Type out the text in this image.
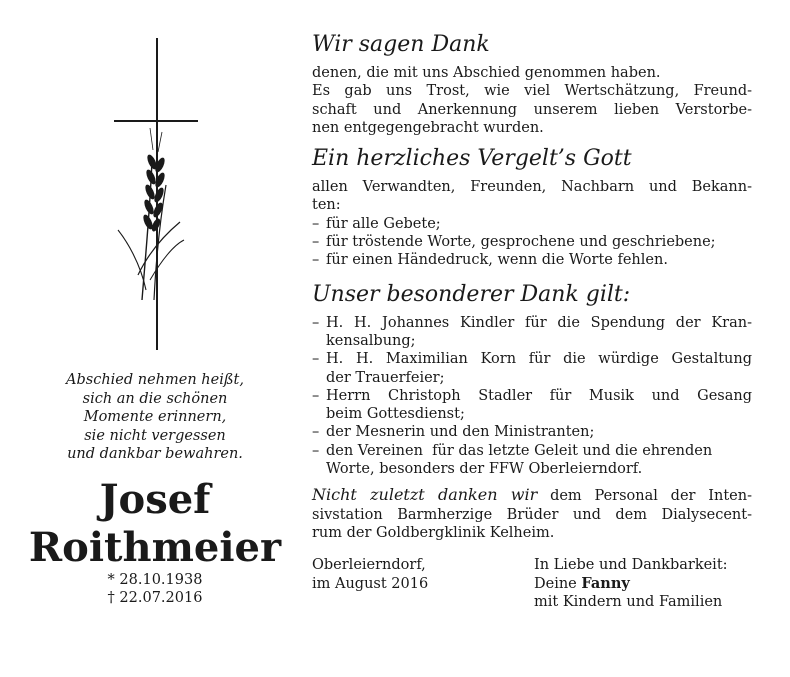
Abschied nehmen heißt,
sich an die schönen
Momente erinnern,
sie nicht vergessen
und dankbar bewahren.
Josef
Roithmeier
* 28.10.1938
† 22.07.2016
Wir sagen Dank
denen, die mit uns Abschied genommen haben.
Es gab uns Trost, wie viel Wertschätzung, Freund-
schaft und Anerkennung unserem lieben Verstorbe-
nen entgegengebracht wurden.
Ein herzliches Vergelt’s Gott
allen Verwandten, Freunden, Nachbarn und Bekann-
ten:
– für alle Gebete;
– für tröstende Worte, gesprochene und geschriebene;
– für einen Händedruck, wenn die Worte fehlen.
Unser besonderer Dank gilt:
– H. H. Johannes Kindler für die Spendung der Kran-
kensalbung;
– H. H. Maximilian Korn für die würdige Gestaltung
der Trauerfeier;
– Herrn Christoph Stadler für Musik und Gesang
beim Gottesdienst;
– der Mesnerin und den Ministranten;
– den Vereinen  für das letzte Geleit und die ehrenden
Worte, besonders der FFW Oberleierndorf.
Nicht zuletzt danken wir dem Personal der Inten-
sivstation Barmherzige Brüder und dem Dialysecent-
rum der Goldbergklinik Kelheim.
Oberleierndorf,
im August 2016
In Liebe und Dankbarkeit:
Deine Fanny
mit Kindern und Familien
